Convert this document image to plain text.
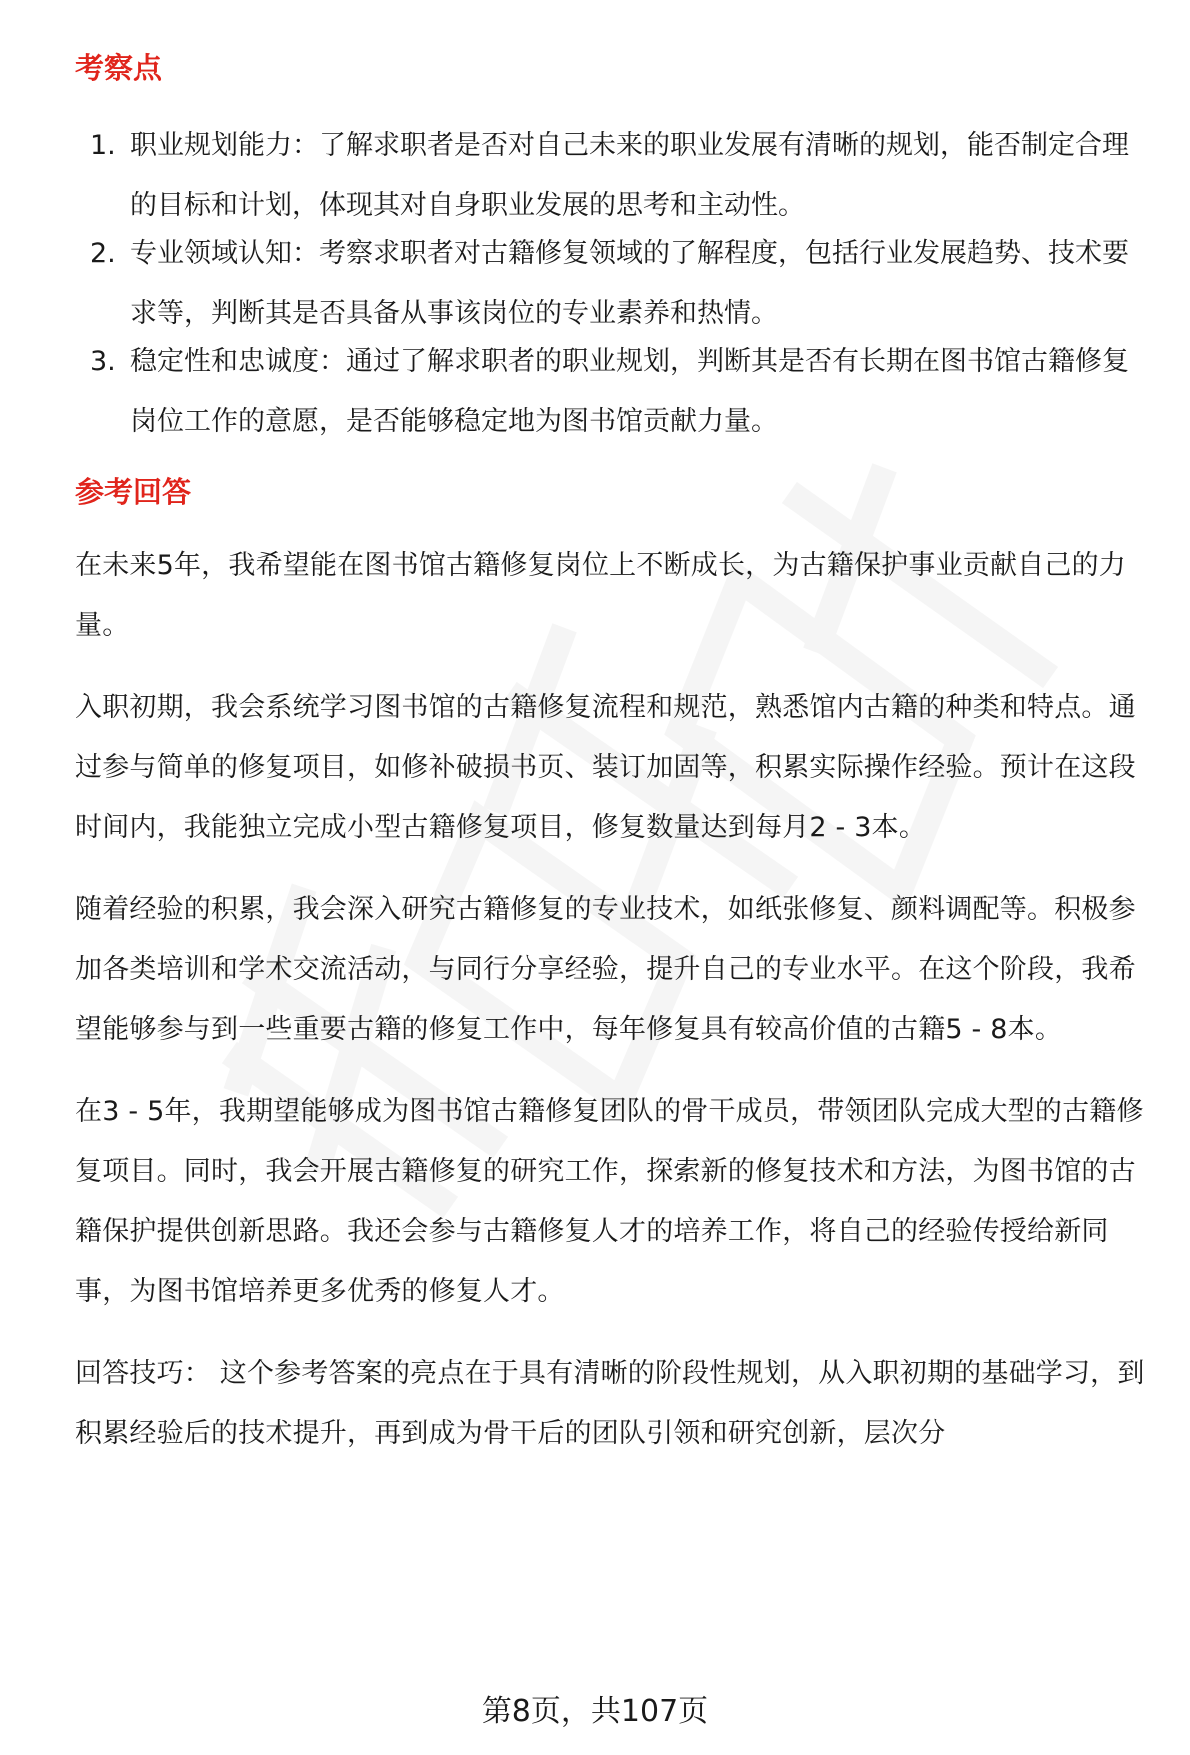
考察点
1. 职业规划能力：了解求职者是否对自己未来的职业发展有清晰的规划，能否制定合理的目标和计划，体现其对自身职业发展的思考和主动性。
2. 专业领域认知：考察求职者对古籍修复领域的了解程度，包括行业发展趋势、技术要求等，判断其是否具备从事该岗位的专业素养和热情。
3. 稳定性和忠诚度：通过了解求职者的职业规划，判断其是否有长期在图书馆古籍修复岗位工作的意愿，是否能够稳定地为图书馆贡献力量。
参考回答

在未来5年，我希望能在图书馆古籍修复岗位上不断成长，为古籍保护事业贡献自己的力量。

入职初期，我会系统学习图书馆的古籍修复流程和规范，熟悉馆内古籍的种类和特点。通过参与简单的修复项目，如修补破损书页、装订加固等，积累实际操作经验。预计在这段时间内，我能独立完成小型古籍修复项目，修复数量达到每月2 - 3本。

随着经验的积累，我会深入研究古籍修复的专业技术，如纸张修复、颜料调配等。积极参加各类培训和学术交流活动，与同行分享经验，提升自己的专业水平。在这个阶段，我希望能够参与到一些重要古籍的修复工作中，每年修复具有较高价值的古籍5 - 8本。

在3 - 5年，我期望能够成为图书馆古籍修复团队的骨干成员，带领团队完成大型的古籍修复项目。同时，我会开展古籍修复的研究工作，探索新的修复技术和方法，为图书馆的古籍保护提供创新思路。我还会参与古籍修复人才的培养工作，将自己的经验传授给新同事，为图书馆培养更多优秀的修复人才。

回答技巧： 这个参考答案的亮点在于具有清晰的阶段性规划，从入职初期的基础学习，到积累经验后的技术提升，再到成为骨干后的团队引领和研究创新，层次分

第8页，共107页
